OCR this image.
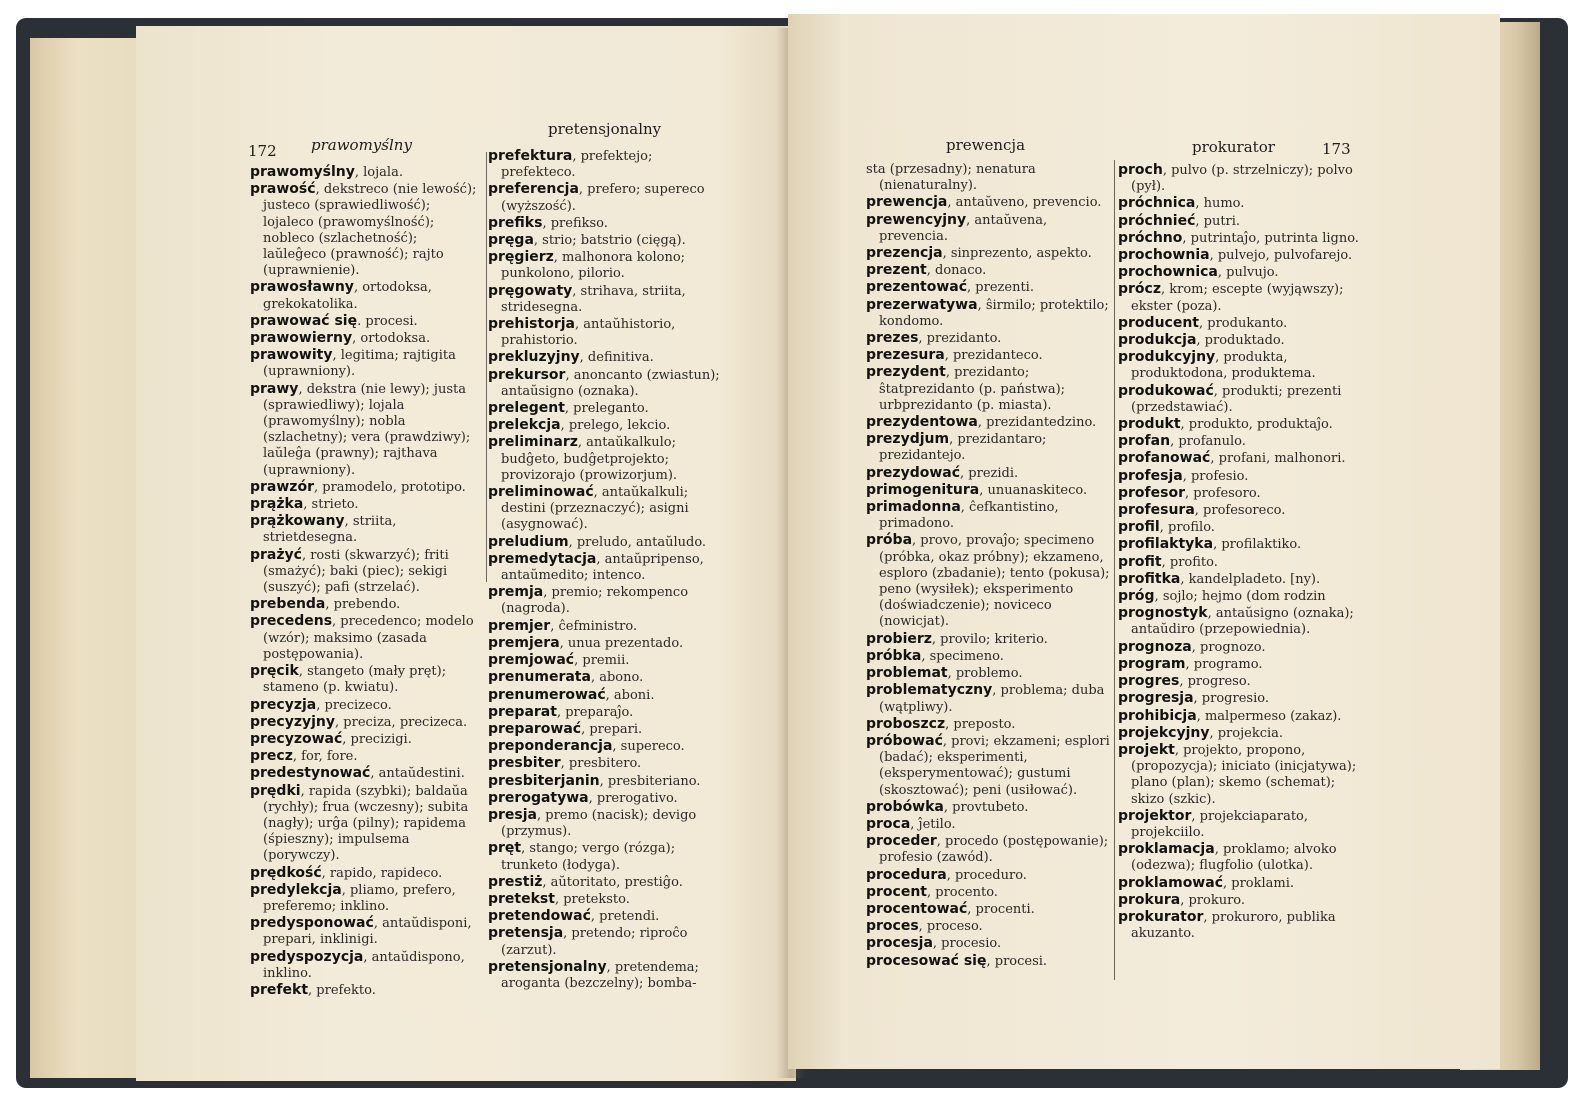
172 prawomyślny
pretensjonalny

prawomyślny, lojala.

prawość, dekstreco (nie lewość); justeco (sprawiedliwość); lojaleco (prawomyślność); nobleco (szlachetność); laŭleĝeco (prawność); rajto (uprawnienie).

prawosławny, ortodoksa, grekokatolika.

prawować się. procesi.

prawowierny, ortodoksa.

prawowity, legitima; rajtigita (uprawniony).

prawy, dekstra (nie lewy); justa (sprawiedliwy); lojala (prawomyślny); nobla (szlachetny); vera (prawdziwy); laŭleĝa (prawny); rajthava (uprawniony).

prawzór, pramodelo, prototipo.

prążka, strieto.

prążkowany, striita, strietdesegna.

prażyć, rosti (skwarzyć); friti (smażyć); baki (piec); sekigi (suszyć); pafi (strzelać).

prebenda, prebendo.

precedens, precedenco; modelo (wzór); maksimo (zasada postępowania).

pręcik, stangeto (mały pręt); stameno (p. kwiatu).

precyzja, precizeco.

precyzyjny, preciza, precizeca.

precyzować, precizigi.

precz, for, fore.

predestynować, antaŭdestini.

prędki, rapida (szybki); baldaŭa (rychły); frua (wczesny); subita (nagły); urĝa (pilny); rapidema (śpieszny); impulsema (porywczy).

prędkość, rapido, rapideco.

predylekcja, pliamo, prefero, preferemo; inklino.

predysponować, antaŭdisponi, prepari, inklinigi.

predyspozycja, antaŭdispono, inklino.

prefekt, prefekto.

prefektura, prefektejo; prefekteco.

preferencja, prefero; supereco (wyższość).

prefiks, prefikso.

pręga, strio; batstrio (cięgą).

pręgierz, malhonora kolono; punkolono, pilorio.

pręgowaty, strihava, striita, stridesegna.

prehistorja, antaŭhistorio, prahistorio.

prekluzyjny, definitiva.

prekursor, anoncanto (zwiastun); antaŭsigno (oznaka).

prelegent, preleganto.

prelekcja, prelego, lekcio.

preliminarz, antaŭkalkulo; budĝeto, budĝetprojekto; provizorajo (prowizorjum).

preliminować, antaŭkalkuli; destini (przeznaczyć); asigni (asygnować).

preludium, preludo, antaŭludo.

premedytacja, antaŭpripenso, antaŭmedito; intenco.

premja, premio; rekompenco (nagroda).

premjer, ĉefministro.

premjera, unua prezentado.

premjować, premii.

prenumerata, abono.

prenumerować, aboni.

preparat, preparaĵo.

preparować, prepari.

preponderancja, supereco.

presbiter, presbitero.

presbiterjanin, presbiteriano.

prerogatywa, prerogativo.

presja, premo (nacisk); devigo (przymus).

pręt, stango; vergo (rózga); trunketo (łodyga).

prestiż, aŭtoritato, prestiĝo.

pretekst, preteksto.

pretendować, pretendi.

pretensja, pretendo; riproĉo (zarzut).

pretensjonalny, pretendema; aroganta (bezczelny); bomba-

prewencja	prokurator	173

sta (przesadny); nenatura (nienaturalny).

prewencja, antaŭveno, prevencio.

prewencyjny, antaŭvena, prevencia.

prezencja, sinprezento, aspekto.

prezent, donaco.

prezentować, prezenti.

prezerwatywa, ŝirmilo; protektilo; kondomo.

prezes, prezidanto.

prezesura, prezidanteco.

prezydent, prezidanto; ŝtatprezidanto (p. państwa); urbprezidanto (p. miasta).

prezydentowa, prezidantedzino.

prezydjum, prezidantaro; prezidantejo.

prezydować, prezidi.

primogenitura, unuanaskiteco.

primadonna, ĉefkantistino, primadono.

próba, provo, provaĵo; specimeno (próbka, okaz próbny); ekzameno, esploro (zbadanie); tento (pokusa); peno (wysiłek); eksperimento (doświadczenie); noviceco (nowicjat).

probierz, provilo; kriterio.

próbka, specimeno.

problemat, problemo.

problematyczny, problema; duba (wątpliwy).

proboszcz, preposto.

próbować, provi; ekzameni; esplori (badać); eksperimenti, (eksperymentować); gustumi (skosztować); peni (usiłować).

probówka, provtubeto.

proca, ĵetilo.

proceder, procedo (postępowanie); profesio (zawód).

procedura, proceduro.

procent, procento.

procentować, procenti.

proces, proceso.

procesja, procesio.

procesować się, procesi.

proch, pulvo (p. strzelniczy); polvo (pył).

próchnica, humo.

próchnieć, putri.

próchno, putrintaĵo, putrinta ligno.

prochownia, pulvejo, pulvofarejo.

prochownica, pulvujo.

prócz, krom; escepte (wyjąwszy); ekster (poza).

producent, produkanto.

produkcja, produktado.

produkcyjny, produkta, produktodona, produktema.

produkować, produkti; prezenti (przedstawiać).

produkt, produkto, produktaĵo.

profan, profanulo.

profanować, profani, malhonori.

profesja, profesio.

profesor, profesoro.

profesura, profesoreco.

profil, profilo.

profilaktyka, profilaktiko.

profit, profito.

profitka, kandelpladeto. [ny).

próg, sojlo; hejmo (dom rodzin

prognostyk, antaŭsigno (oznaka); antaŭdiro (przepowiednia).

prognoza, prognozo.

program, programo.

progres, progreso.

progresja, progresio.

prohibicja, malpermeso (zakaz).

projekcyjny, projekcia.

projekt, projekto, propono, (propozycja); iniciato (inicjatywa); plano (plan); skemo (schemat); skizo (szkic).

projektor, projekciaparato, projekciilo.

proklamacja, proklamo; alvoko (odezwa); flugfolio (ulotka).

proklamować, proklami.

prokura, prokuro.

prokurator, prokuroro, publika akuzanto.
